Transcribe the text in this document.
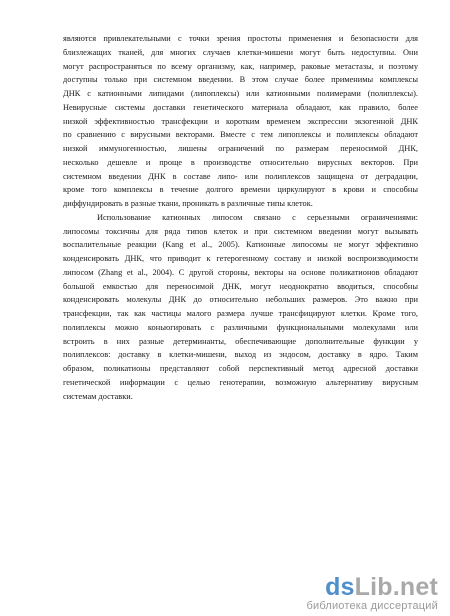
являются привлекательными с точки зрения простоты применения и безопасности для
близлежащих тканей, для многих случаев клетки-мишени могут быть недоступны. Они
могут распространяться по всему организму, как, например, раковые метастазы, и поэтому
доступны только при системном введении. В этом случае более применимы комплексы
ДНК с катионными липидами (липоплексы) или катионными полимерами (полиплексы).
Невирусные системы доставки генетического материала обладают, как правило, более
низкой эффективностью трансфекции и коротким временем экспрессии экзогенной ДНК
по сравнению с вирусными векторами. Вместе с тем липоплексы и полиплексы обладают
низкой иммуногенностью, лишены ограничений по размерам переносимой ДНК,
несколько дешевле и проще в производстве относительно вирусных векторов. При
системном введении ДНК в составе липо- или полиплексов защищена от деградации,
кроме того комплексы в течение долгого времени циркулируют в крови и способны
диффундировать в разные ткани, проникать в различные типы клеток.
Использование катионных липосом связано с серьезными ограничениями:
липосомы токсичны для ряда типов клеток и при системном введении могут вызывать
воспалительные реакции (Kang et al., 2005). Катионные липосомы не могут эффективно
конденсировать ДНК, что приводит к гетерогенному составу и низкой воспроизводимости
липосом (Zhang et al., 2004). С другой стороны, векторы на основе поликатионов обладают
большой емкостью для переносимой ДНК, могут неоднократно вводиться, способны
конденсировать молекулы ДНК до относительно небольших размеров. Это важно при
трансфекции, так как частицы малого размера лучше трансфицируют клетки. Кроме того,
полиплексы можно коньюгировать с различными функциональными молекулами или
встроить в них разные детерминанты, обеспечивающие дополнительные функции у
полиплексов: доставку в клетки-мишени, выход из эндосом, доставку в ядро. Таким
образом, поликатионы представляют собой перспективный метод адресной доставки
генетической информации с целью генотерапии, возможную альтернативу вирусным
системам доставки.
dsLib.net
библиотека диссертаций
